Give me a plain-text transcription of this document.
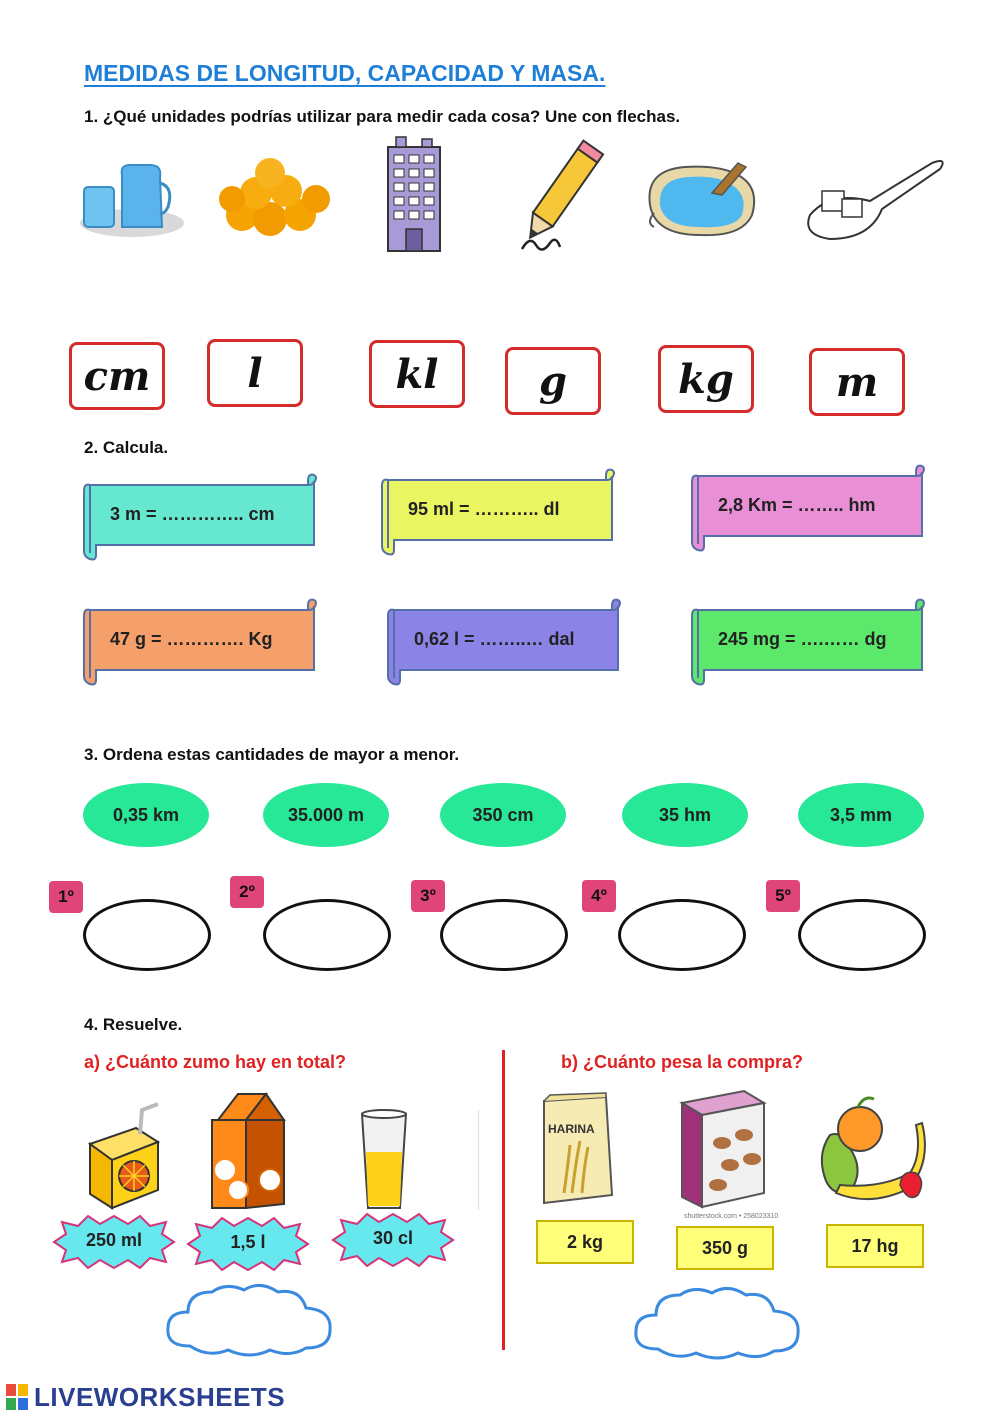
MEDIDAS DE LONGITUD, CAPACIDAD Y MASA.
1. ¿Qué unidades podrías utilizar para medir cada cosa? Une con flechas.
cm	l	kl	g	kg	m
2. Calcula.
3 m = ………….. cm	95 ml = ……….. dl	2,8 Km = …….. hm
47 g = …………. Kg	0,62 l = ……..… dal	245 mg = ….…… dg
3. Ordena estas cantidades de mayor a menor.
0,35 km	35.000 m	350 cm	35 hm	3,5 mm
1º	2º	3º	4º	5º
4. Resuelve.
a) ¿Cuánto zumo hay en total?	b) ¿Cuánto pesa la compra?
250 ml	1,5 l	30 cl
HARINA
shutterstock.com • 258023310
2 kg	350 g	17 hg
LIVEWORKSHEETS
